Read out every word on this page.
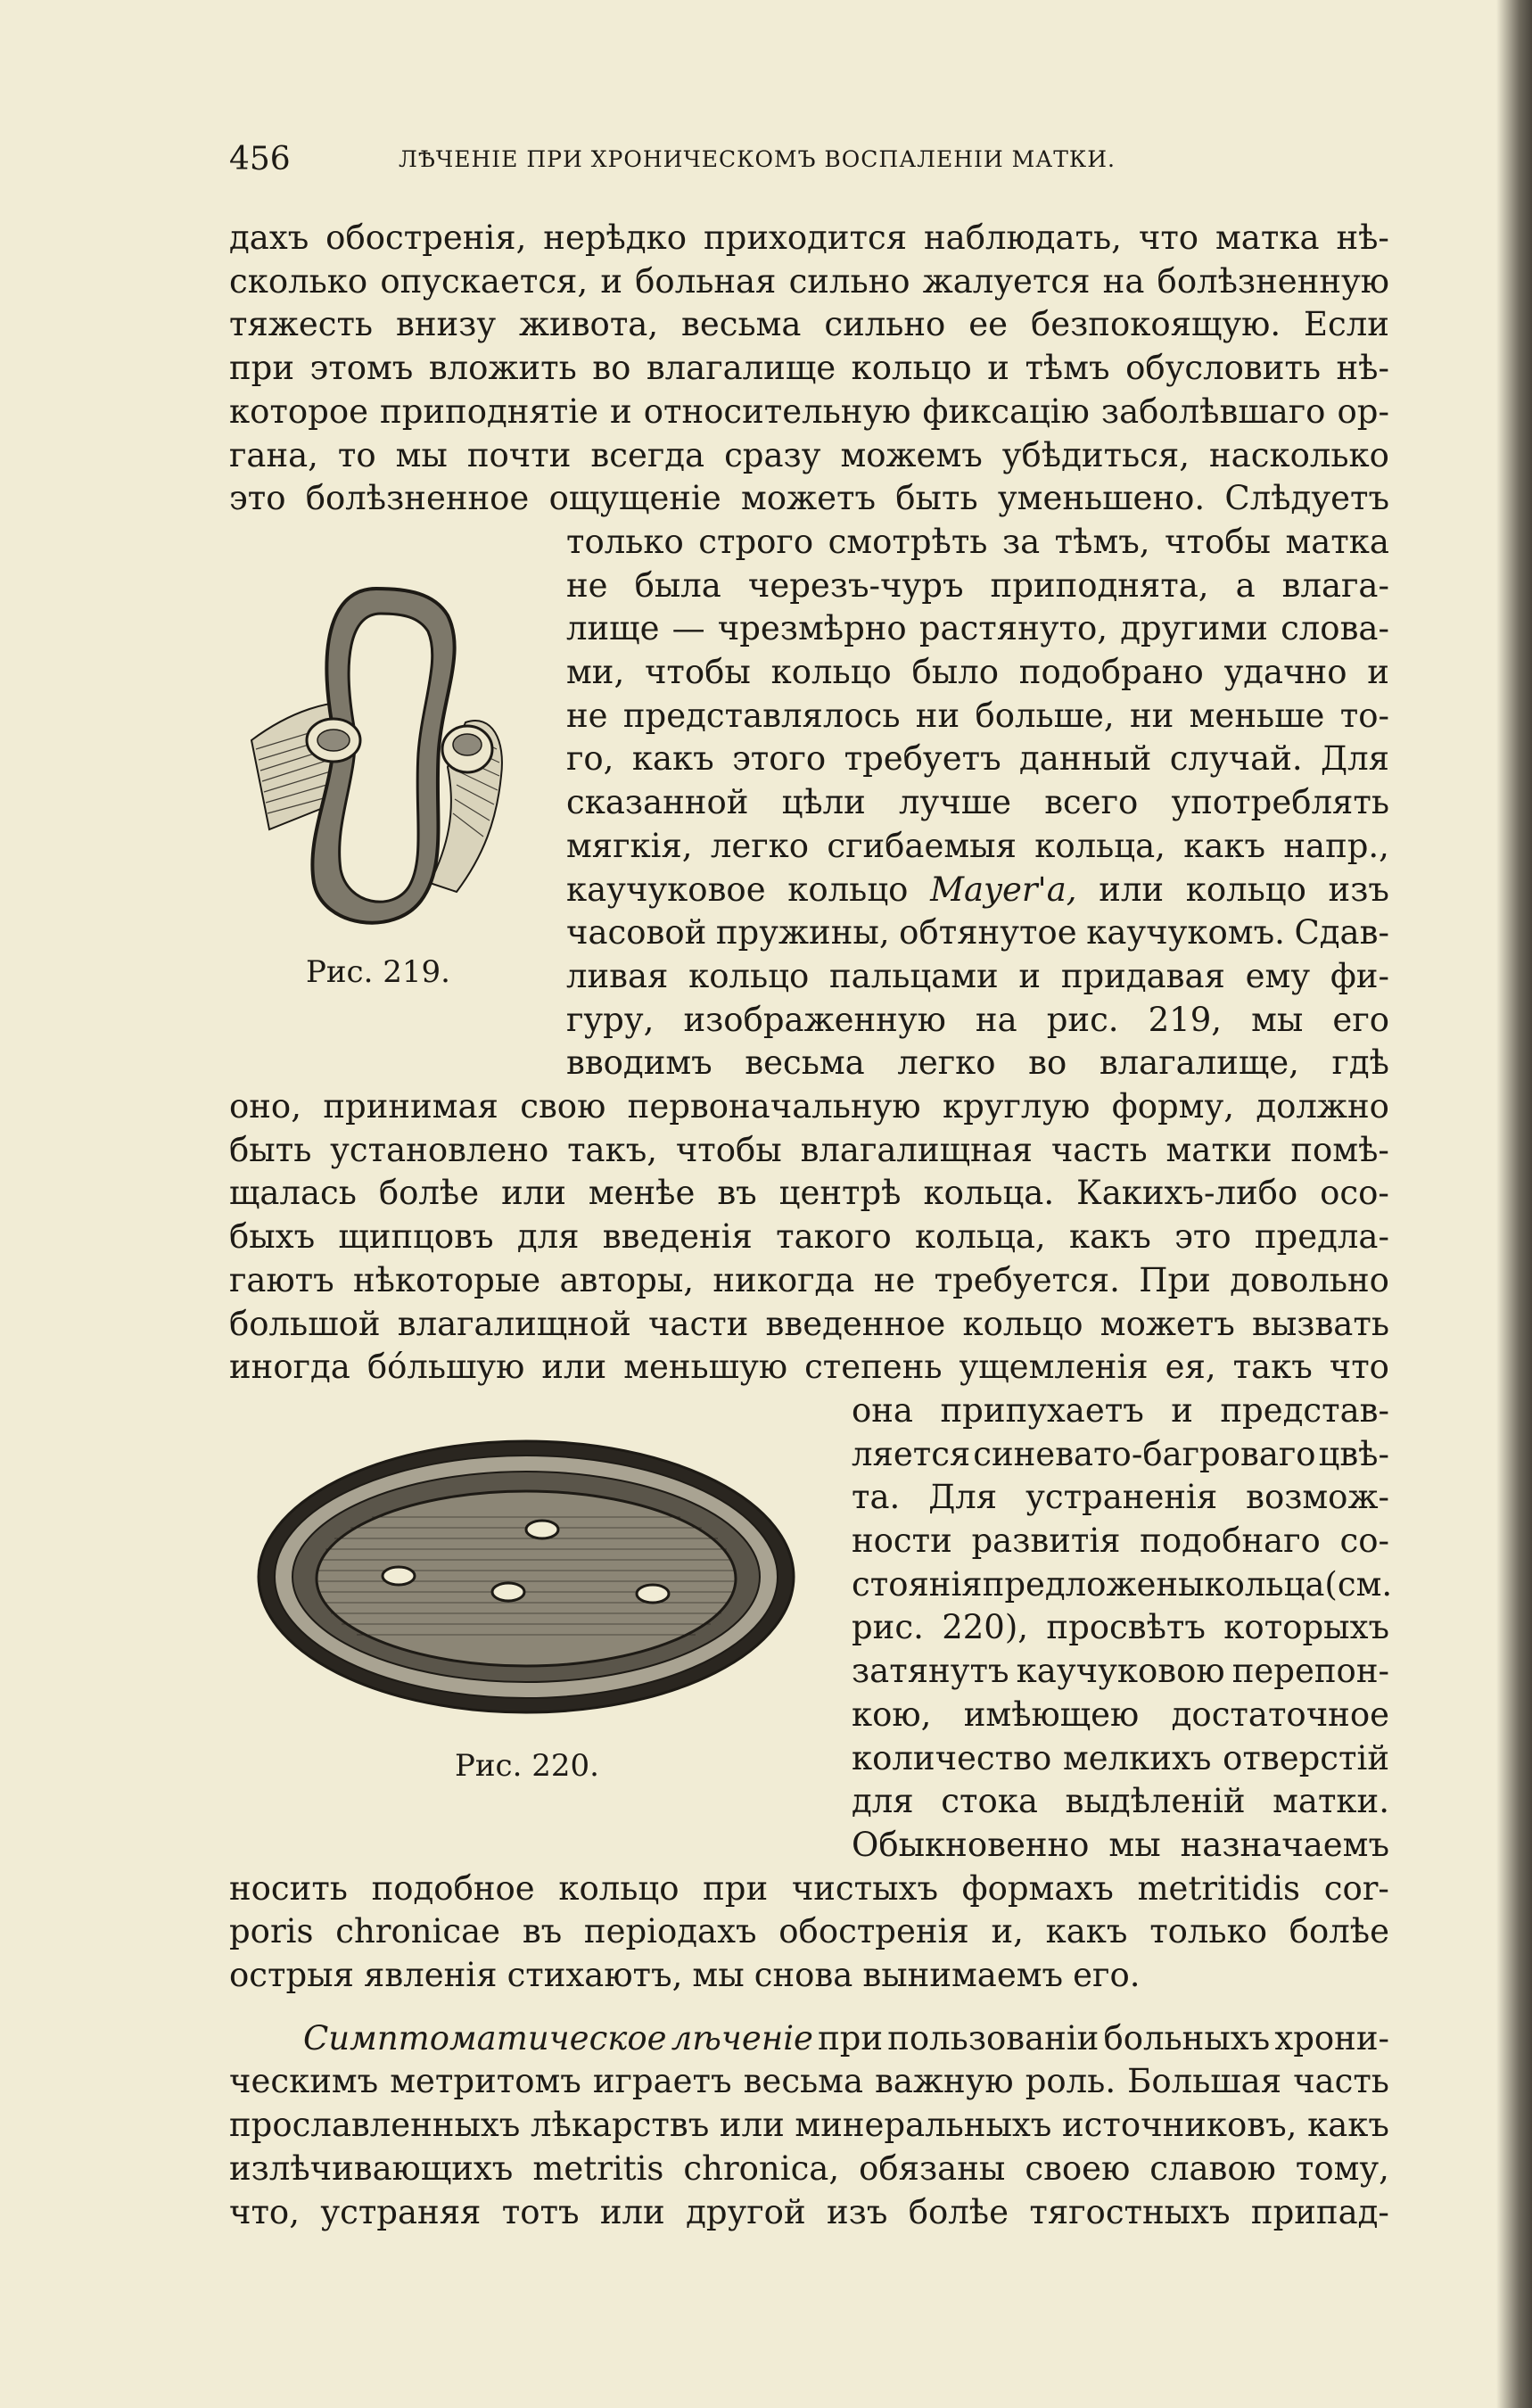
456	ЛѢЧЕНІЕ ПРИ ХРОНИЧЕСКОМЪ ВОСПАЛЕНІИ МАТКИ.
дахъ обостренія, нерѣдко приходится наблюдать, что матка нѣ-
сколько опускается, и больная сильно жалуется на болѣзненную
тяжесть внизу живота, весьма сильно ее безпокоящую. Если
при этомъ вложить во влагалище кольцо и тѣмъ обусловить нѣ-
которое приподнятіе и относительную фиксацію заболѣвшаго ор-
гана, то мы почти всегда сразу можемъ убѣдиться, насколько
это болѣзненное ощущеніе можетъ быть уменьшено. Слѣдуетъ
только строго смотрѣть за тѣмъ, чтобы матка
не была черезъ-чуръ приподнята, а влага-
лище — чрезмѣрно растянуто, другими слова-
ми, чтобы кольцо было подобрано удачно и
не представлялось ни больше, ни меньше то-
го, какъ этого требуетъ данный случай. Для
сказанной цѣли лучше всего употреблять
мягкія, легко сгибаемыя кольца, какъ напр.,
каучуковое кольцо Mayer'а, или кольцо изъ
часовой пружины, обтянутое каучукомъ. Сдав-
ливая кольцо пальцами и придавая ему фи-
гуру, изображенную на рис. 219, мы его
вводимъ весьма легко во влагалище, гдѣ
оно, принимая свою первоначальную круглую форму, должно
быть установлено такъ, чтобы влагалищная часть матки помѣ-
щалась болѣе или менѣе въ центрѣ кольца. Какихъ-либо осо-
быхъ щипцовъ для введенія такого кольца, какъ это предла-
гаютъ нѣкоторые авторы, никогда не требуется. При довольно
большой влагалищной части введенное кольцо можетъ вызвать
иногда бо́льшую или меньшую степень ущемленія ея, такъ что
она припухаетъ и представ-
ляется синевато-багроваго цвѣ-
та. Для устраненія возмож-
ности развитія подобнаго со-
стоянія предложены кольца (см.
рис. 220), просвѣтъ которыхъ
затянутъ каучуковою перепон-
кою, имѣющею достаточное
количество мелкихъ отверстій
для стока выдѣленій матки.
Обыкновенно мы назначаемъ
носить подобное кольцо при чистыхъ формахъ metritidis cor-
poris chronicae въ періодахъ обостренія и, какъ только болѣе
острыя явленія стихаютъ, мы снова вынимаемъ его.
Симптоматическое лѣченіе при пользованіи больныхъ хрони-
ческимъ метритомъ играетъ весьма важную роль. Большая часть
прославленныхъ лѣкарствъ или минеральныхъ источниковъ, какъ
излѣчивающихъ metritis chronica, обязаны своею славою тому,
что, устраняя тотъ или другой изъ болѣе тягостныхъ припад-
Рис. 219.
Рис. 220.
